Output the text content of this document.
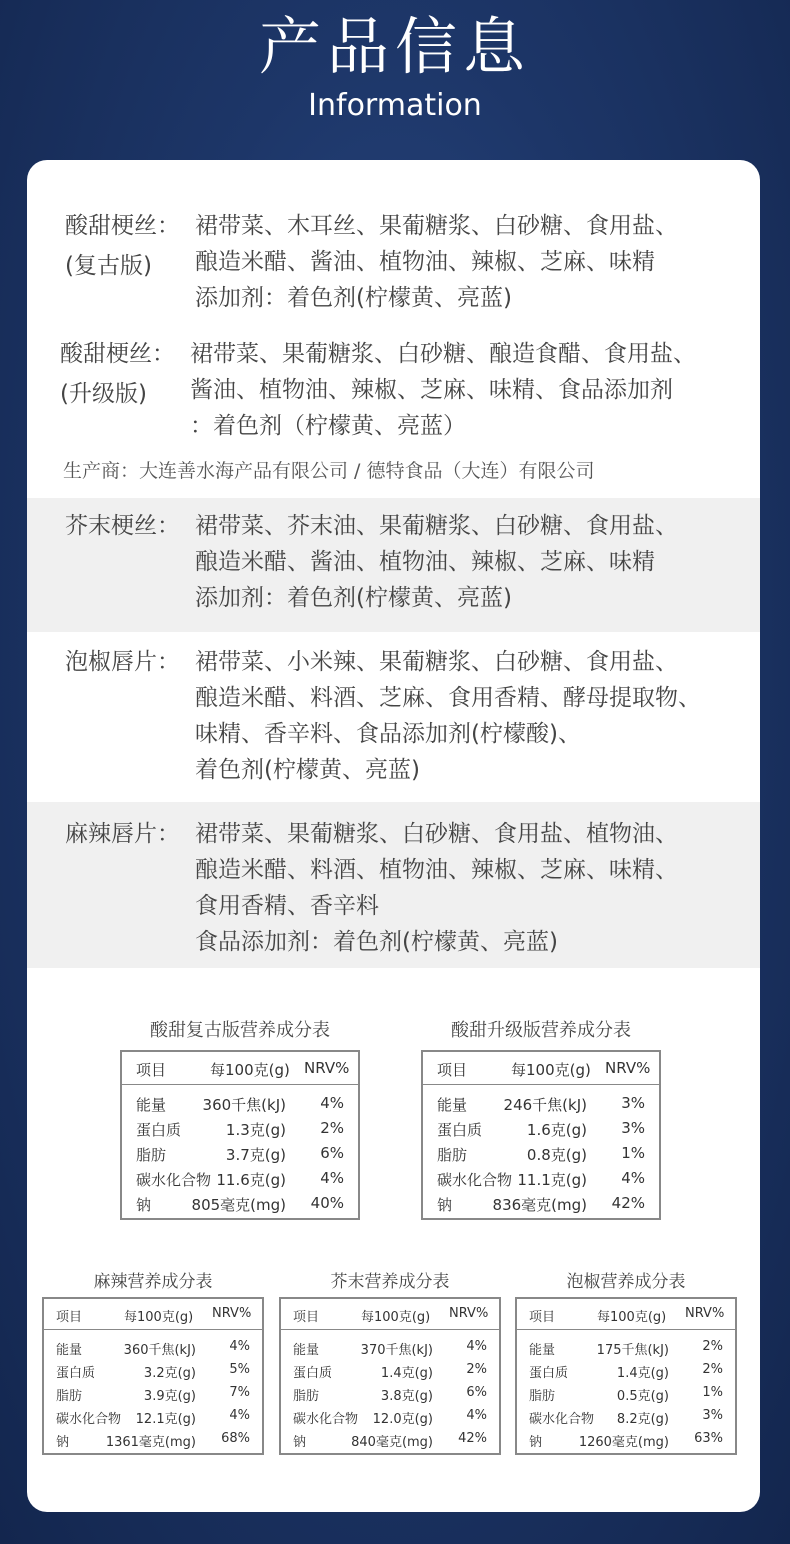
产品信息
Information
酸甜梗丝：
(复古版)
裙带菜、木耳丝、果葡糖浆、白砂糖、食用盐、
酿造米醋、酱油、植物油、辣椒、芝麻、味精
添加剂：着色剂(柠檬黄、亮蓝)
酸甜梗丝：
(升级版)
裙带菜、果葡糖浆、白砂糖、酿造食醋、食用盐、
酱油、植物油、辣椒、芝麻、味精、食品添加剂
：着色剂（柠檬黄、亮蓝）
生产商：大连善水海产品有限公司 / 德特食品（大连）有限公司
芥末梗丝： 裙带菜、芥末油、果葡糖浆、白砂糖、食用盐、
酿造米醋、酱油、植物油、辣椒、芝麻、味精
添加剂：着色剂(柠檬黄、亮蓝)
泡椒唇片： 裙带菜、小米辣、果葡糖浆、白砂糖、食用盐、
酿造米醋、料酒、芝麻、食用香精、酵母提取物、
味精、香辛料、食品添加剂(柠檬酸)、
着色剂(柠檬黄、亮蓝)
麻辣唇片： 裙带菜、果葡糖浆、白砂糖、食用盐、植物油、
酿造米醋、料酒、植物油、辣椒、芝麻、味精、
食用香精、香辛料
食品添加剂：着色剂(柠檬黄、亮蓝)
酸甜复古版营养成分表
项目	每100克(g) NRV%
能量 360千焦(kJ) 4%
蛋白质	1.3克(g) 2%
脂肪	3.7克(g) 6%
碳水化合物 11.6克(g) 4%
钠	805毫克(mg) 40%
酸甜升级版营养成分表
项目	每100克(g) NRV%
能量 246千焦(kJ) 3%
蛋白质	1.6克(g) 3%
脂肪	0.8克(g) 1%
碳水化合物 11.1克(g) 4%
钠	836毫克(mg) 42%
麻辣营养成分表
项目	每100克(g) NRV%
能量	360千焦(kJ)	4%
蛋白质	3.2克(g)	5%
脂肪	3.9克(g)	7%
碳水化合物 12.1克(g)	4%
钠	1361毫克(mg) 68%
芥末营养成分表
项目	每100克(g) NRV%
能量	370千焦(kJ)	4%
蛋白质	1.4克(g)	2%
脂肪	3.8克(g)	6%
碳水化合物 12.0克(g)	4%
钠	840毫克(mg) 42%
泡椒营养成分表
项目	每100克(g) NRV%
能量	175千焦(kJ)	2%
蛋白质	1.4克(g)	2%
脂肪	0.5克(g)	1%
碳水化合物 8.2克(g)	3%
钠	1260毫克(mg) 63%
